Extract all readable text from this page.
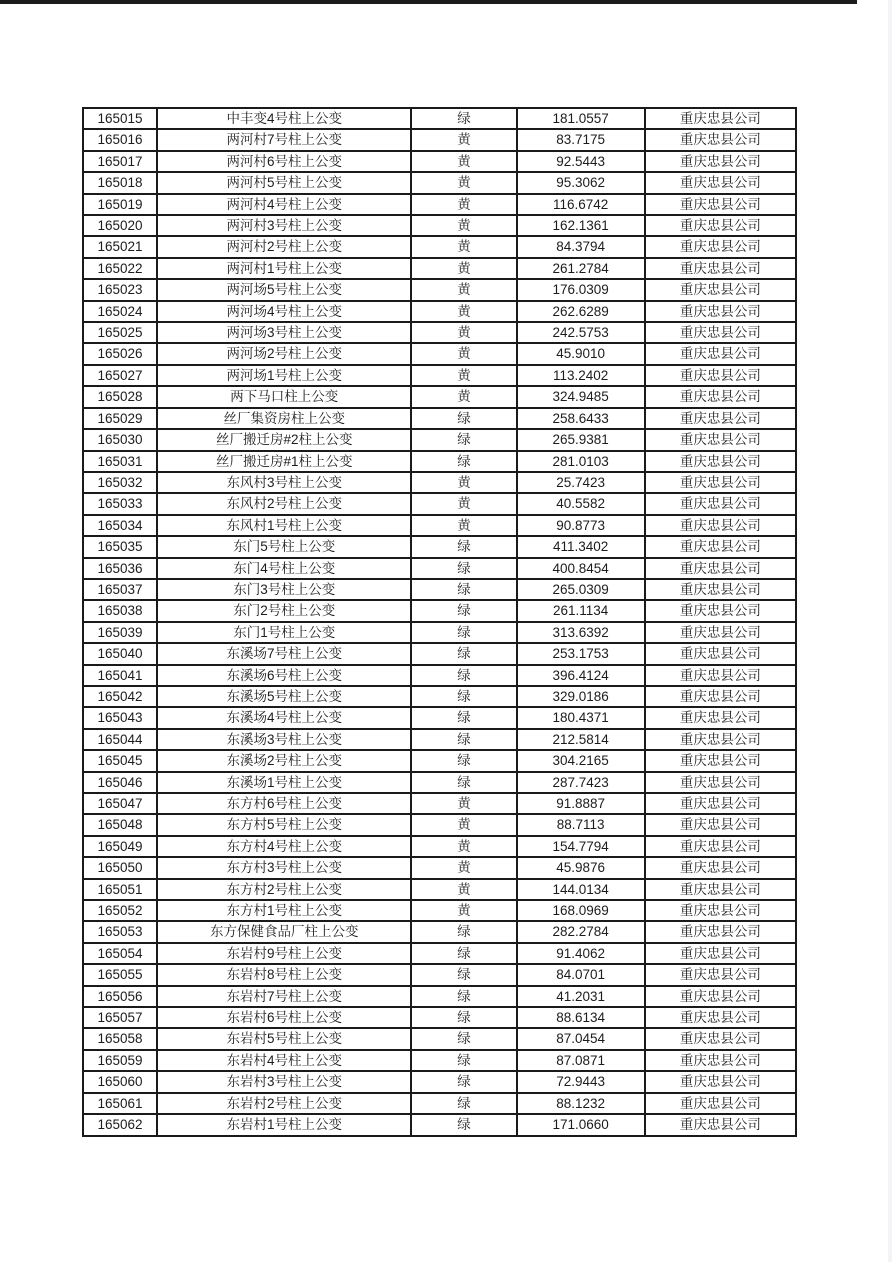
165015	中丰变4号柱上公变	绿	181.0557	重庆忠县公司
165016	两河村7号柱上公变	黄	83.7175	重庆忠县公司
165017	两河村6号柱上公变	黄	92.5443	重庆忠县公司
165018	两河村5号柱上公变	黄	95.3062	重庆忠县公司
165019	两河村4号柱上公变	黄	116.6742	重庆忠县公司
165020	两河村3号柱上公变	黄	162.1361	重庆忠县公司
165021	两河村2号柱上公变	黄	84.3794	重庆忠县公司
165022	两河村1号柱上公变	黄	261.2784	重庆忠县公司
165023	两河场5号柱上公变	黄	176.0309	重庆忠县公司
165024	两河场4号柱上公变	黄	262.6289	重庆忠县公司
165025	两河场3号柱上公变	黄	242.5753	重庆忠县公司
165026	两河场2号柱上公变	黄	45.9010	重庆忠县公司
165027	两河场1号柱上公变	黄	113.2402	重庆忠县公司
165028	两下马口柱上公变	黄	324.9485	重庆忠县公司
165029	丝厂集资房柱上公变	绿	258.6433	重庆忠县公司
165030	丝厂搬迁房#2柱上公变	绿	265.9381	重庆忠县公司
165031	丝厂搬迁房#1柱上公变	绿	281.0103	重庆忠县公司
165032	东风村3号柱上公变	黄	25.7423	重庆忠县公司
165033	东风村2号柱上公变	黄	40.5582	重庆忠县公司
165034	东风村1号柱上公变	黄	90.8773	重庆忠县公司
165035	东门5号柱上公变	绿	411.3402	重庆忠县公司
165036	东门4号柱上公变	绿	400.8454	重庆忠县公司
165037	东门3号柱上公变	绿	265.0309	重庆忠县公司
165038	东门2号柱上公变	绿	261.1134	重庆忠县公司
165039	东门1号柱上公变	绿	313.6392	重庆忠县公司
165040	东溪场7号柱上公变	绿	253.1753	重庆忠县公司
165041	东溪场6号柱上公变	绿	396.4124	重庆忠县公司
165042	东溪场5号柱上公变	绿	329.0186	重庆忠县公司
165043	东溪场4号柱上公变	绿	180.4371	重庆忠县公司
165044	东溪场3号柱上公变	绿	212.5814	重庆忠县公司
165045	东溪场2号柱上公变	绿	304.2165	重庆忠县公司
165046	东溪场1号柱上公变	绿	287.7423	重庆忠县公司
165047	东方村6号柱上公变	黄	91.8887	重庆忠县公司
165048	东方村5号柱上公变	黄	88.7113	重庆忠县公司
165049	东方村4号柱上公变	黄	154.7794	重庆忠县公司
165050	东方村3号柱上公变	黄	45.9876	重庆忠县公司
165051	东方村2号柱上公变	黄	144.0134	重庆忠县公司
165052	东方村1号柱上公变	黄	168.0969	重庆忠县公司
165053	东方保健食品厂柱上公变	绿	282.2784	重庆忠县公司
165054	东岩村9号柱上公变	绿	91.4062	重庆忠县公司
165055	东岩村8号柱上公变	绿	84.0701	重庆忠县公司
165056	东岩村7号柱上公变	绿	41.2031	重庆忠县公司
165057	东岩村6号柱上公变	绿	88.6134	重庆忠县公司
165058	东岩村5号柱上公变	绿	87.0454	重庆忠县公司
165059	东岩村4号柱上公变	绿	87.0871	重庆忠县公司
165060	东岩村3号柱上公变	绿	72.9443	重庆忠县公司
165061	东岩村2号柱上公变	绿	88.1232	重庆忠县公司
165062	东岩村1号柱上公变	绿	171.0660	重庆忠县公司
